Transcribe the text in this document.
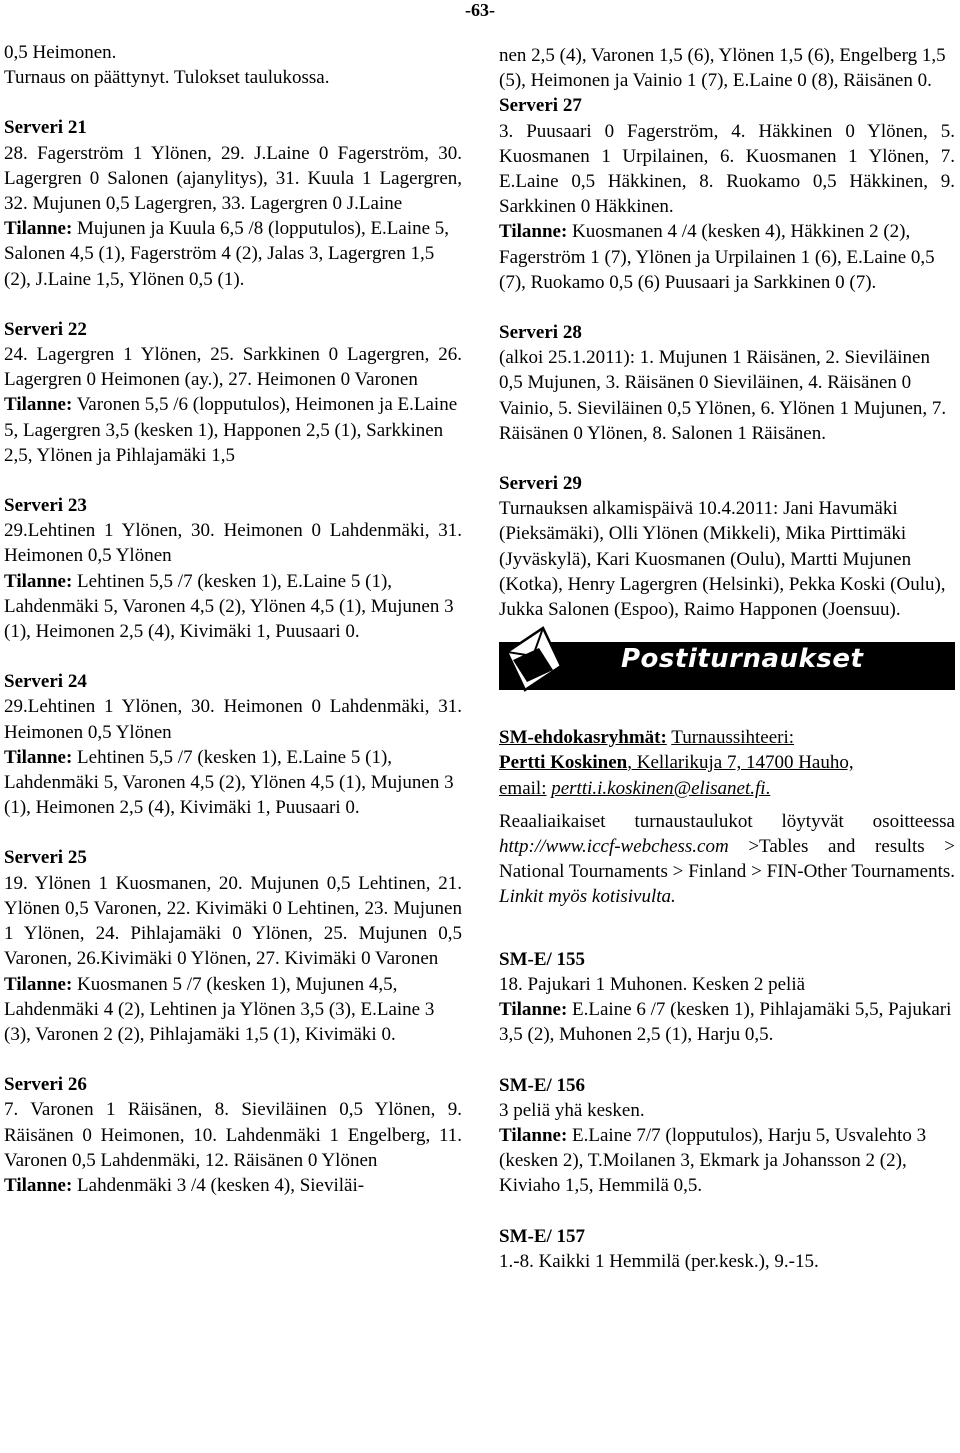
-63-

0,5 Heimonen.

Turnaus on päättynyt. Tulokset taulukossa.

Serveri 21

28. Fagerström 1 Ylönen, 29. J.Laine 0 Fagerström, 30. Lagergren 0 Salonen (ajanylitys), 31. Kuula 1 Lagergren, 32. Mujunen 0,5 Lagergren, 33. Lagergren 0 J.Laine

Tilanne: Mujunen ja Kuula 6,5 /8 (lopputulos), E.Laine 5, Salonen 4,5 (1), Fagerström 4 (2), Jalas 3, Lagergren 1,5 (2), J.Laine 1,5, Ylönen 0,5 (1).

Serveri 22

24. Lagergren 1 Ylönen, 25. Sarkkinen 0 Lagergren, 26. Lagergren 0 Heimonen (ay.), 27. Heimonen 0 Varonen

Tilanne: Varonen 5,5 /6 (lopputulos), Heimonen ja E.Laine 5, Lagergren 3,5 (kesken 1), Happonen 2,5 (1), Sarkkinen 2,5, Ylönen ja Pihlajamäki 1,5

Serveri 23

29.Lehtinen 1 Ylönen, 30. Heimonen 0 Lahdenmäki, 31. Heimonen 0,5 Ylönen

Tilanne: Lehtinen 5,5 /7 (kesken 1), E.Laine 5 (1), Lahdenmäki 5, Varonen 4,5 (2), Ylönen 4,5 (1), Mujunen 3 (1), Heimonen 2,5 (4), Kivimäki 1, Puusaari 0.

Serveri 24

29.Lehtinen 1 Ylönen, 30. Heimonen 0 Lahdenmäki, 31. Heimonen 0,5 Ylönen

Tilanne: Lehtinen 5,5 /7 (kesken 1), E.Laine 5 (1), Lahdenmäki 5, Varonen 4,5 (2), Ylönen 4,5 (1), Mujunen 3 (1), Heimonen 2,5 (4), Kivimäki 1, Puusaari 0.

Serveri 25

19. Ylönen 1 Kuosmanen, 20. Mujunen 0,5 Lehtinen, 21. Ylönen 0,5 Varonen, 22. Kivimäki 0 Lehtinen, 23. Mujunen 1 Ylönen, 24. Pihlajamäki 0 Ylönen, 25. Mujunen 0,5 Varonen, 26.Kivimäki 0 Ylönen, 27. Kivimäki 0 Varonen

Tilanne: Kuosmanen 5 /7 (kesken 1), Mujunen 4,5, Lahdenmäki 4 (2), Lehtinen ja Ylönen 3,5 (3), E.Laine 3 (3), Varonen 2 (2), Pihlajamäki 1,5 (1), Kivimäki 0.

Serveri 26

7. Varonen 1 Räisänen, 8. Sieviläinen 0,5 Ylönen, 9. Räisänen 0 Heimonen, 10. Lahdenmäki 1 Engelberg, 11. Varonen 0,5 Lahdenmäki, 12. Räisänen 0 Ylönen

Tilanne: Lahdenmäki 3 /4 (kesken 4), Sieviläi-

nen 2,5 (4), Varonen 1,5 (6), Ylönen 1,5 (6), Engelberg 1,5 (5), Heimonen ja Vainio 1 (7), E.Laine 0 (8), Räisänen 0.

Serveri 27

3. Puusaari 0 Fagerström, 4. Häkkinen 0 Ylönen, 5. Kuosmanen 1 Urpilainen, 6. Kuosmanen 1 Ylönen, 7. E.Laine 0,5 Häkkinen, 8. Ruokamo 0,5 Häkkinen, 9. Sarkkinen 0 Häkkinen.

Tilanne: Kuosmanen 4 /4 (kesken 4), Häkkinen 2 (2), Fagerström 1 (7), Ylönen ja Urpilainen 1 (6), E.Laine 0,5 (7), Ruokamo 0,5 (6) Puusaari ja Sarkkinen 0 (7).

Serveri 28

(alkoi 25.1.2011): 1. Mujunen 1 Räisänen, 2. Sieviläinen 0,5 Mujunen, 3. Räisänen 0 Sieviläinen, 4. Räisänen 0 Vainio, 5. Sieviläinen 0,5 Ylönen, 6. Ylönen 1 Mujunen, 7. Räisänen 0 Ylönen, 8. Salonen 1 Räisänen.

Serveri 29

Turnauksen alkamispäivä 10.4.2011: Jani Havumäki (Pieksämäki), Olli Ylönen (Mikkeli), Mika Pirttimäki (Jyväskylä), Kari Kuosmanen (Oulu), Martti Mujunen (Kotka), Henry Lagergren (Helsinki), Pekka Koski (Oulu), Jukka Salonen (Espoo), Raimo Happonen (Joensuu).

Postiturnaukset

SM-ehdokasryhmät: Turnaussihteeri:

Pertti Koskinen, Kellarikuja 7, 14700 Hauho,

email: pertti.i.koskinen@elisanet.fi.

Reaaliaikaiset turnaustaulukot löytyvät osoitteessa http://www.iccf-webchess.com >Tables and results > National Tournaments > Finland > FIN-Other Tournaments. Linkit myös kotisivulta.

SM-E/ 155

18. Pajukari 1 Muhonen. Kesken 2 peliä

Tilanne: E.Laine 6 /7 (kesken 1), Pihlajamäki 5,5, Pajukari 3,5 (2), Muhonen 2,5 (1), Harju 0,5.

SM-E/ 156

3 peliä yhä kesken.

Tilanne: E.Laine 7/7 (lopputulos), Harju 5, Usvalehto 3 (kesken 2), T.Moilanen 3, Ekmark ja Johansson 2 (2), Kiviaho 1,5, Hemmilä 0,5.

SM-E/ 157

1.-8. Kaikki 1 Hemmilä (per.kesk.), 9.-15.
